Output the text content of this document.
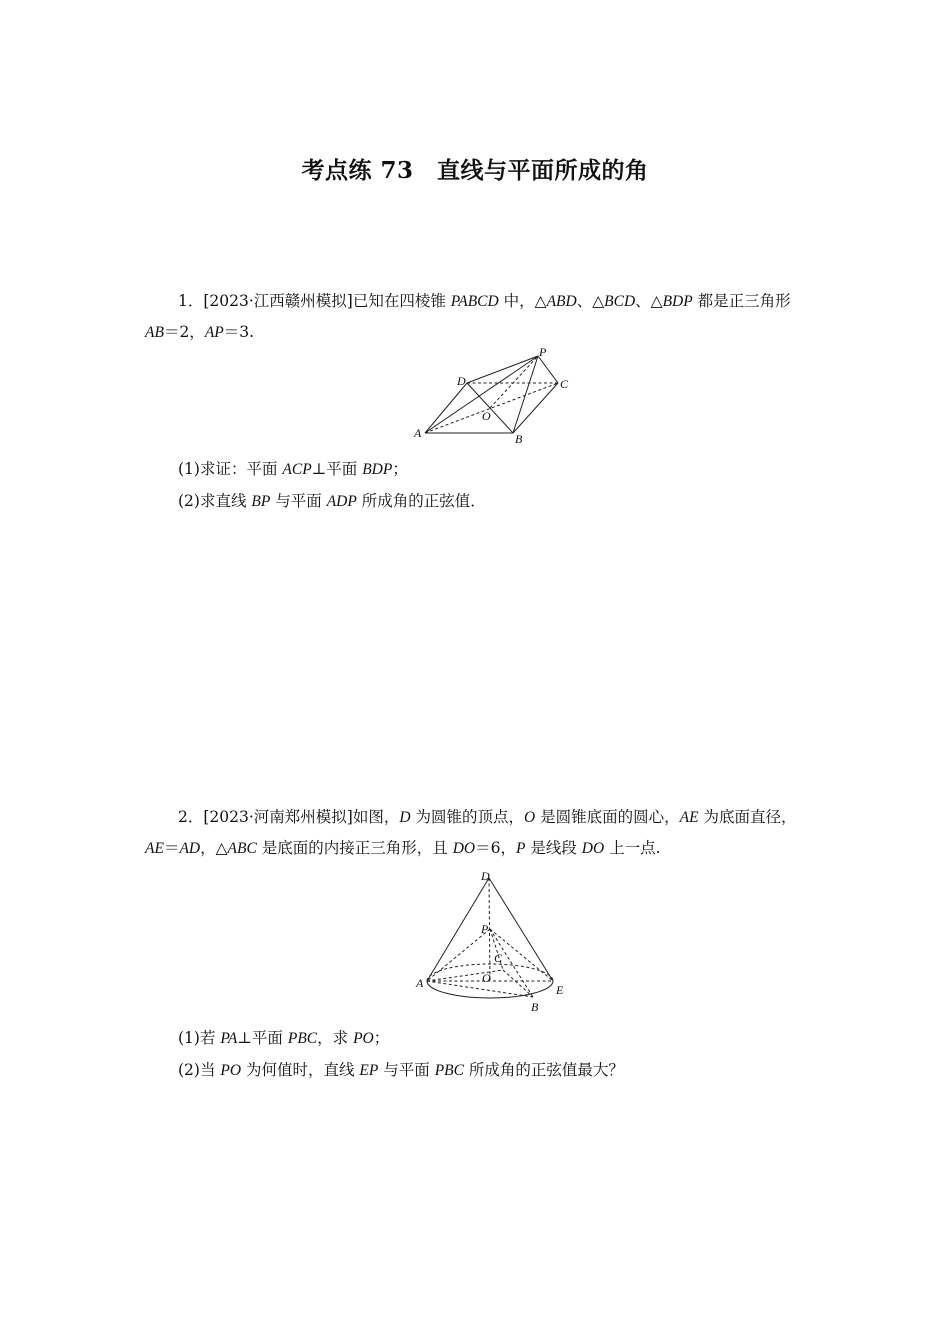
考点练 73　直线与平面所成的角
1．[2023·江西赣州模拟]已知在四棱锥 PABCD 中，△ABD、△BCD、△BDP 都是正三角形 AB＝2，AP＝3.
P
D	C
O
A	B
(1)求证：平面 ACP⊥平面 BDP；
(2)求直线 BP 与平面 ADP 所成角的正弦值．
2．[2023·河南郑州模拟]如图，D 为圆锥的顶点，O 是圆锥底面的圆心，AE 为底面直径，AE＝AD，△ABC 是底面的内接正三角形，且 DO＝6，P 是线段 DO 上一点.
D
P
C
O
A	E
B
(1)若 PA⊥平面 PBC，求 PO；
(2)当 PO 为何值时，直线 EP 与平面 PBC 所成角的正弦值最大？
